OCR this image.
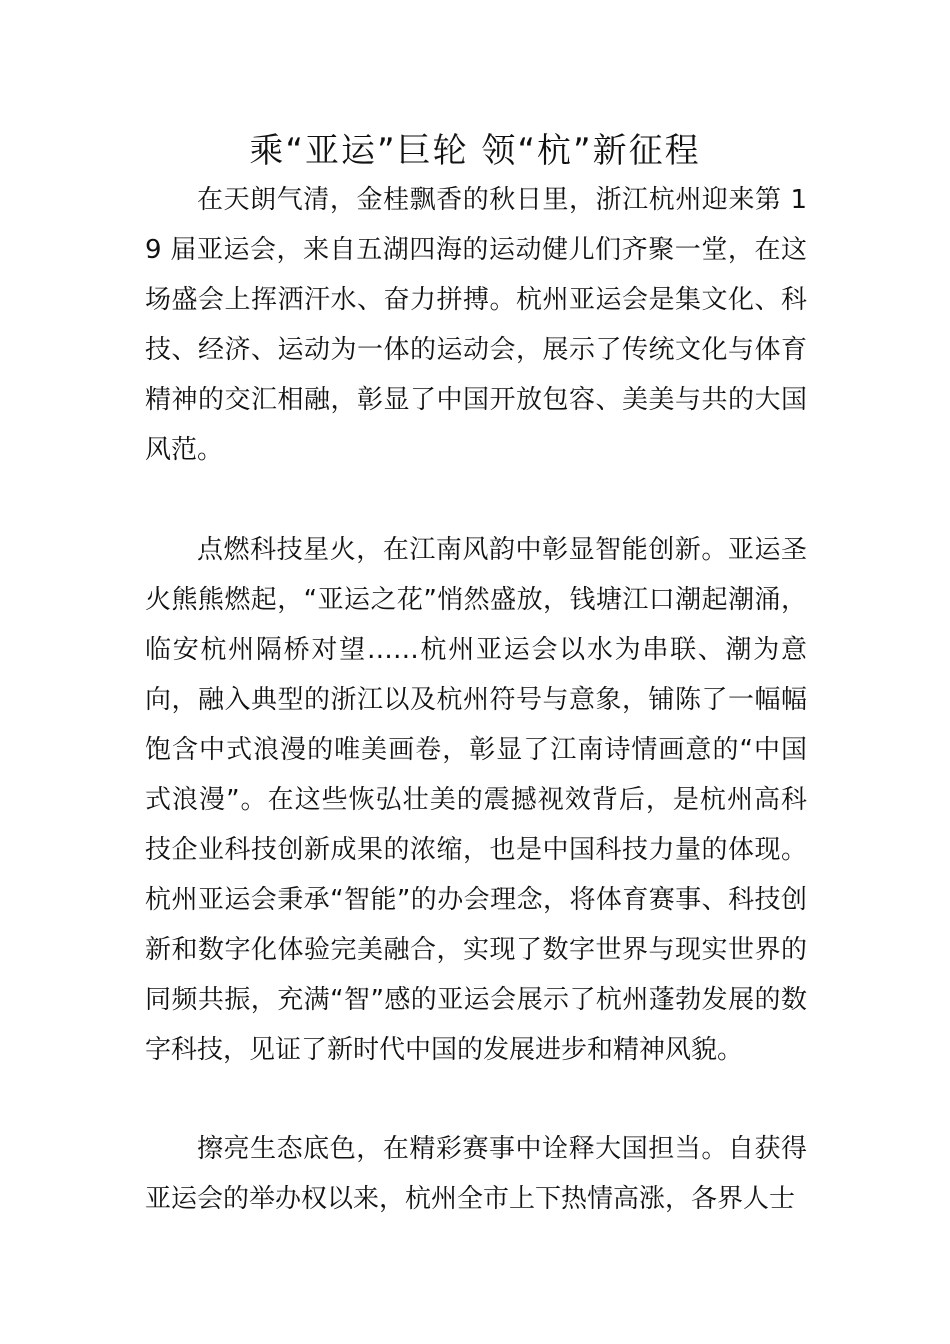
乘“亚运”巨轮 领“杭”新征程

在天朗气清，金桂飘香的秋日里，浙江杭州迎来第 19 届亚运会，来自五湖四海的运动健儿们齐聚一堂，在这场盛会上挥洒汗水、奋力拼搏。杭州亚运会是集文化、科技、经济、运动为一体的运动会，展示了传统文化与体育精神的交汇相融，彰显了中国开放包容、美美与共的大国风范。

点燃科技星火，在江南风韵中彰显智能创新。亚运圣火熊熊燃起，“亚运之花”悄然盛放，钱塘江口潮起潮涌，临安杭州隔桥对望……杭州亚运会以水为串联、潮为意向，融入典型的浙江以及杭州符号与意象，铺陈了一幅幅饱含中式浪漫的唯美画卷，彰显了江南诗情画意的“中国式浪漫”。在这些恢弘壮美的震撼视效背后，是杭州高科技企业科技创新成果的浓缩，也是中国科技力量的体现。杭州亚运会秉承“智能”的办会理念，将体育赛事、科技创新和数字化体验完美融合，实现了数字世界与现实世界的同频共振，充满“智”感的亚运会展示了杭州蓬勃发展的数字科技，见证了新时代中国的发展进步和精神风貌。

擦亮生态底色，在精彩赛事中诠释大国担当。自获得亚运会的举办权以来，杭州全市上下热情高涨，各界人士
